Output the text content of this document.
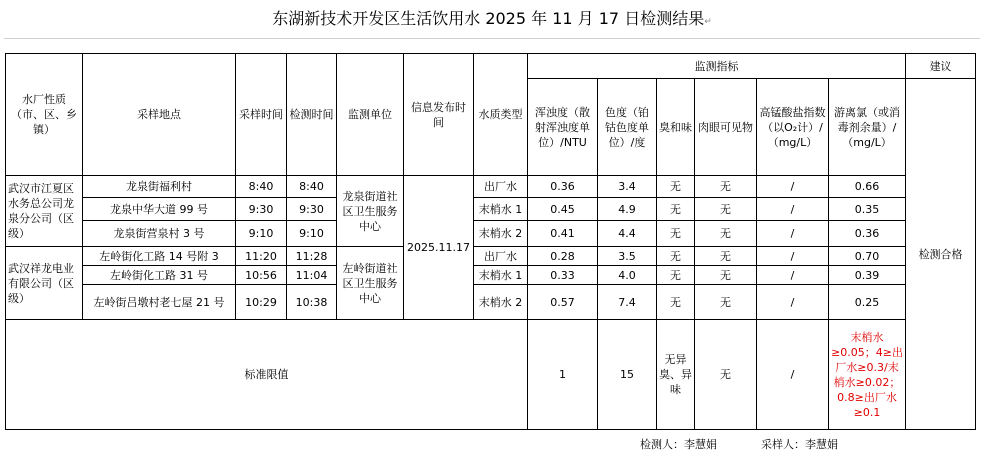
东湖新技术开发区生活饮用水 2025 年 11 月 17 日检测结果↵
水厂性质（市、区、乡镇）	采样地点	采样时间	检测时间	监测单位	信息发布时间	水质类型	监测指标						建议	
							浑浊度（散射浑浊度单位）/NTU	色度（铂钴色度单位）/度	臭和味	肉眼可见物	高锰酸盐指数（以O₂计）/（mg/L）	游离氯（或消毒剂余量）/（mg/L）	检测合格	
武汉市江夏区水务总公司龙泉分公司（区级）	龙泉街福利村	8:40	8:40	龙泉街道社区卫生服务中心	2025.11.17	出厂水	0.36	3.4	无	无	/	0.66		
	龙泉中华大道 99 号	9:30	9:30			末梢水 1	0.45	4.9	无	无	/	0.35		
	龙泉街营泉村 3 号	9:10	9:10			末梢水 2	0.41	4.4	无	无	/	0.36		
武汉祥龙电业有限公司（区级）	左岭街化工路 14 号附 3	11:20	11:28	左岭街道社区卫生服务中心		出厂水	0.28	3.5	无	无	/	0.70		
	左岭街化工路 31 号	10:56	11:04			末梢水 1	0.33	4.0	无	无	/	0.39		
	左岭街吕墩村老七屋 21 号	10:29	10:38			末梢水 2	0.57	7.4	无	无	/	0.25		
标准限值							1	15	无异臭、异味	无	/	末梢水≥0.05；4≥出厂水≥0.3/末梢水≥0.02；0.8≥出厂水≥0.1		
检测人：李慧娟　　　　采样人：李慧娟
